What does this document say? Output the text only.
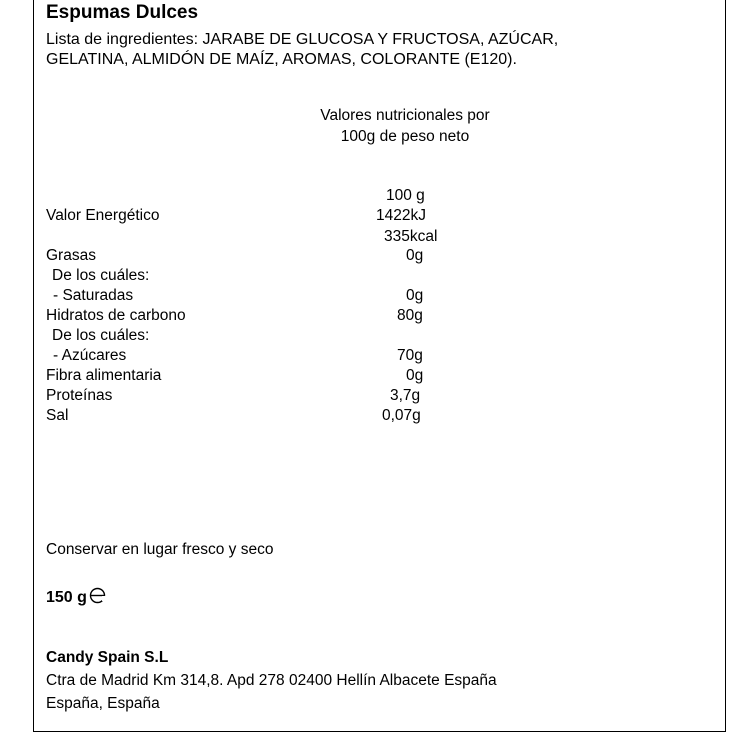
Espumas Dulces
Lista de ingredientes: JARABE DE GLUCOSA Y FRUCTOSA, AZÚCAR,
GELATINA, ALMIDÓN DE MAÍZ, AROMAS, COLORANTE (E120).
Valores nutricionales por
100g de peso neto
100 g
Valor Energético	1422kJ
335kcal
Grasas	0g
De los cuáles:
- Saturadas	0g
Hidratos de carbono	80g
De los cuáles:
- Azúcares	70g
Fibra alimentaria	0g
Proteínas	3,7g
Sal	0,07g
Conservar en lugar fresco y seco
150 g
Candy Spain S.L
Ctra de Madrid Km 314,8. Apd 278 02400 Hellín Albacete España
España, España
